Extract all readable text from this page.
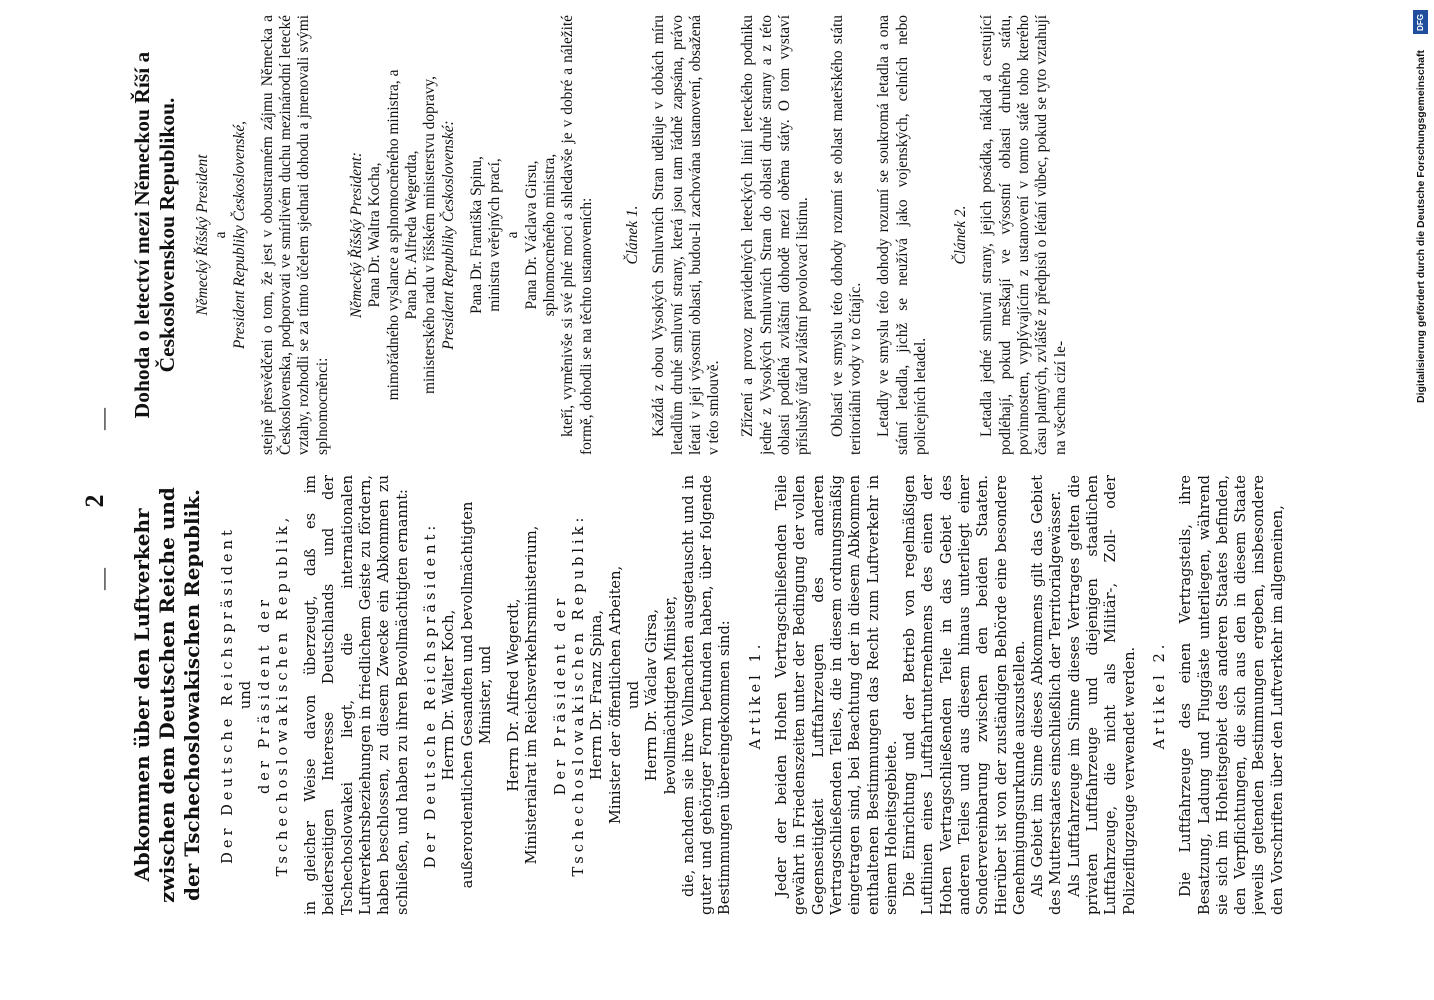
—
2
—
Abkommen über den Luftverkehr zwischen dem Deutschen Reiche und der Tschechoslowakischen Republik. Der Deutsche Reichspräsident und der Präsident der Tschechoslowakischen Republik, in gleicher Weise davon überzeugt, daß es im beiderseitigen Interesse Deutschlands und der Tschechoslowakei liegt, die internationalen Luftverkehrsbeziehungen in friedlichem Geiste zu fördern, haben beschlossen, zu diesem Zwecke ein Abkommen zu schließen, und haben zu ihren Bevollmächtigten ernannt: Der Deutsche Reichspräsident: Herrn Dr. Walter Koch, außerordentlichen Gesandten und bevollmächtigten Minister, und Herrn Dr. Alfred Wegerdt, Ministerialrat im Reichsverkehrsministerium, Der Präsident der Tschechoslowakischen Republik: Herrn Dr. Franz Spina, Minister der öffentlichen Arbeiten, und Herrn Dr. Václav Girsa, bevollmächtigten Minister, die, nachdem sie ihre Vollmachten ausgetauscht und in guter und gehöriger Form befunden haben, über folgende Bestimmungen übereingekommen sind: Artikel 1. Jeder der beiden Hohen Vertragschließenden Teile gewährt in Friedenszeiten unter der Bedingung der vollen Gegenseitigkeit Luftfahrzeugen des anderen Vertragschließenden Teiles, die in diesem ordnungsmäßig eingetragen sind, bei Beachtung der in diesem Abkommen enthaltenen Bestimmungen das Recht zum Luftverkehr in seinem Hoheitsgebiete. Die Einrichtung und der Betrieb von regelmäßigen Luftlinien eines Luftfahrtunternehmens des einen der Hohen Vertragschließenden Teile in das Gebiet des anderen Teiles und aus diesem hinaus unterliegt einer Sondervereinbarung zwischen den beiden Staaten. Hierüber ist von der zuständigen Behörde eine besondere Genehmigungsurkunde auszustellen. Als Gebiet im Sinne dieses Abkommens gilt das Gebiet des Mutterstaates einschließlich der Territorialgewässer. Als Luftfahrzeuge im Sinne dieses Vertrages gelten die privaten Luftfahrzeuge und diejenigen staatlichen Luftfahrzeuge, die nicht als Militär-, Zoll- oder Polizeiflugzeuge verwendet werden. Artikel 2. Die Luftfahrzeuge des einen Vertragsteils, ihre Besatzung, Ladung und Fluggäste unterliegen, während sie sich im Hoheitsgebiet des anderen Staates befinden, den Verpflichtungen, die sich aus den in diesem Staate jeweils geltenden Bestimmungen ergeben, insbesondere den Vorschriften über den Luftverkehr im allgemeinen,

Dohoda o letectví mezi Německou Říší a Československou Republikou. Německý Říšský President a President Republiky Československé, stejně přesvědčeni o tom, že jest v oboustranném zájmu Německa a Československa, podporovati ve smírlivém duchu mezinárodní letecké vztahy, rozhodli se za tímto účelem sjednati dohodu a jmenovali svými splnomocněnci:

Německý Říšský President: Pana Dr. Waltra Kocha, mimořádného vyslance a splnomocněného ministra, a Pana Dr. Alfreda Wegerdta, ministerského radu v říšském ministerstvu dopravy, President Republiky Československé: Pana Dr. Františka Spinu, ministra veřejných prací, a Pana Dr. Václava Girsu, splnomocněného ministra, kteří, vyměnivše si své plné moci a shledavše je v dobré a náležité formě, dohodli se na těchto ustanoveních: Článek 1. Každá z obou Vysokých Smluvních Stran uděluje v dobách míru letadlům druhé smluvní strany, která jsou tam řádně zapsána, právo létati v její výsostní oblasti, budou-li zachována ustanovení, obsažená v této smlouvě. Zřízení a provoz pravidelných leteckých linií leteckého podniku jedné z Vysokých Smluvních Stran do oblasti druhé strany a z této oblasti podléhá zvláštní dohodě mezi oběma státy. O tom vystaví příslušný úřad zvláštní povolovací listinu. Oblastí ve smyslu této dohody rozumí se oblast mateřského státu teritoriální vody v to čítajíc. Letadly ve smyslu této dohody rozumí se soukromá letadla a ona státní letadla, jichž se neužívá jako vojenských, celních nebo policejních letadel.

Článek 2. Letadla jedné smluvní strany, jejich posádka, náklad a cestující podléhají, pokud meškají ve výsostní oblasti druhého státu, povinnostem, vyplývajícím z ustanovení v tomto státě toho kterého času platných, zvláště z předpisů o létání vůbec, pokud se tyto vztahují na všechna cizí le-	Digitalisierung gefördert durch die Deutsche Forschungsgemeinschaft
DFG
